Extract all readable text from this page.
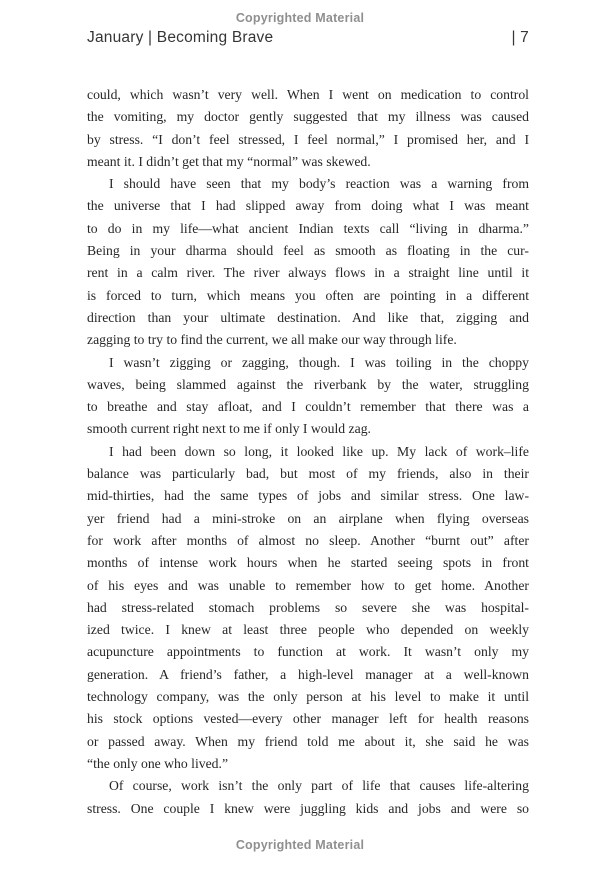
Copyrighted Material
January | Becoming Brave	| 7
could, which wasn’t very well. When I went on medication to control
the vomiting, my doctor gently suggested that my illness was caused
by stress. “I don’t feel stressed, I feel normal,” I promised her, and I
meant it. I didn’t get that my “normal” was skewed.
I should have seen that my body’s reaction was a warning from
the universe that I had slipped away from doing what I was meant
to do in my life—what ancient Indian texts call “living in dharma.”
Being in your dharma should feel as smooth as floating in the cur-
rent in a calm river. The river always flows in a straight line until it
is forced to turn, which means you often are pointing in a different
direction than your ultimate destination. And like that, zigging and
zagging to try to find the current, we all make our way through life.
I wasn’t zigging or zagging, though. I was toiling in the choppy
waves, being slammed against the riverbank by the water, struggling
to breathe and stay afloat, and I couldn’t remember that there was a
smooth current right next to me if only I would zag.
I had been down so long, it looked like up. My lack of work–life
balance was particularly bad, but most of my friends, also in their
mid-thirties, had the same types of jobs and similar stress. One law-
yer friend had a mini-stroke on an airplane when flying overseas
for work after months of almost no sleep. Another “burnt out” after
months of intense work hours when he started seeing spots in front
of his eyes and was unable to remember how to get home. Another
had stress-related stomach problems so severe she was hospital-
ized twice. I knew at least three people who depended on weekly
acupuncture appointments to function at work. It wasn’t only my
generation. A friend’s father, a high-level manager at a well-known
technology company, was the only person at his level to make it until
his stock options vested—every other manager left for health reasons
or passed away. When my friend told me about it, she said he was
“the only one who lived.”
Of course, work isn’t the only part of life that causes life-altering
stress. One couple I knew were juggling kids and jobs and were so
Copyrighted Material
